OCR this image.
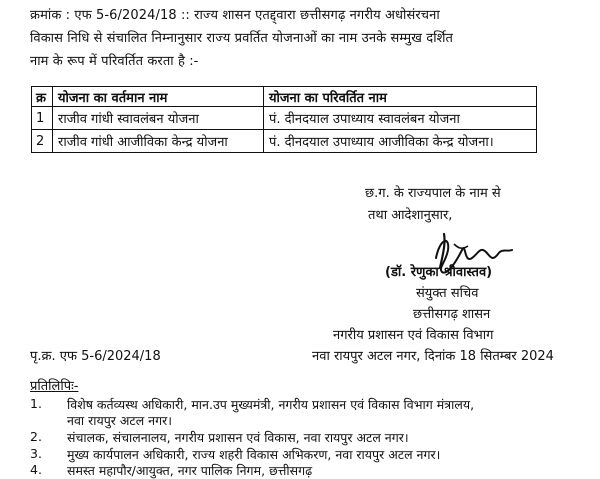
क्रमांक : एफ 5-6/2024/18 :: राज्य शासन एतद्द्वारा छत्तीसगढ़ नगरीय अधोसंरचना
विकास निधि से संचालित निम्नानुसार राज्य प्रवर्तित योजनाओं का नाम उनके सम्मुख दर्शित
नाम के रूप में परिवर्तित करता है :-
क्र	योजना का वर्तमान नाम	योजना का परिवर्तित नाम
1	राजीव गांधी स्वावलंबन योजना	पं. दीनदयाल उपाध्याय स्वावलंबन योजना
2	राजीव गांधी आजीविका केन्द्र योजना	पं. दीनदयाल उपाध्याय आजीविका केन्द्र योजना।
छ.ग. के राज्यपाल के नाम से
तथा आदेशानुसार,
(डॉ. रेणुका श्रीवास्तव)
संयुक्त सचिव
छत्तीसगढ़ शासन
नगरीय प्रशासन एवं विकास विभाग
नवा रायपुर अटल नगर, दिनांक 18 सितम्बर 2024
पृ.क्र. एफ 5-6/2024/18
प्रतिलिपिः-
1. विशेष कर्तव्यस्थ अधिकारी, मान.उप मुख्यमंत्री, नगरीय प्रशासन एवं विकास विभाग मंत्रालय,
नवा रायपुर अटल नगर।
2. संचालक, संचालनालय, नगरीय प्रशासन एवं विकास, नवा रायपुर अटल नगर।
3. मुख्य कार्यपालन अधिकारी, राज्य शहरी विकास अभिकरण, नवा रायपुर अटल नगर।
4. समस्त महापौर/आयुक्त, नगर पालिक निगम, छत्तीसगढ़
